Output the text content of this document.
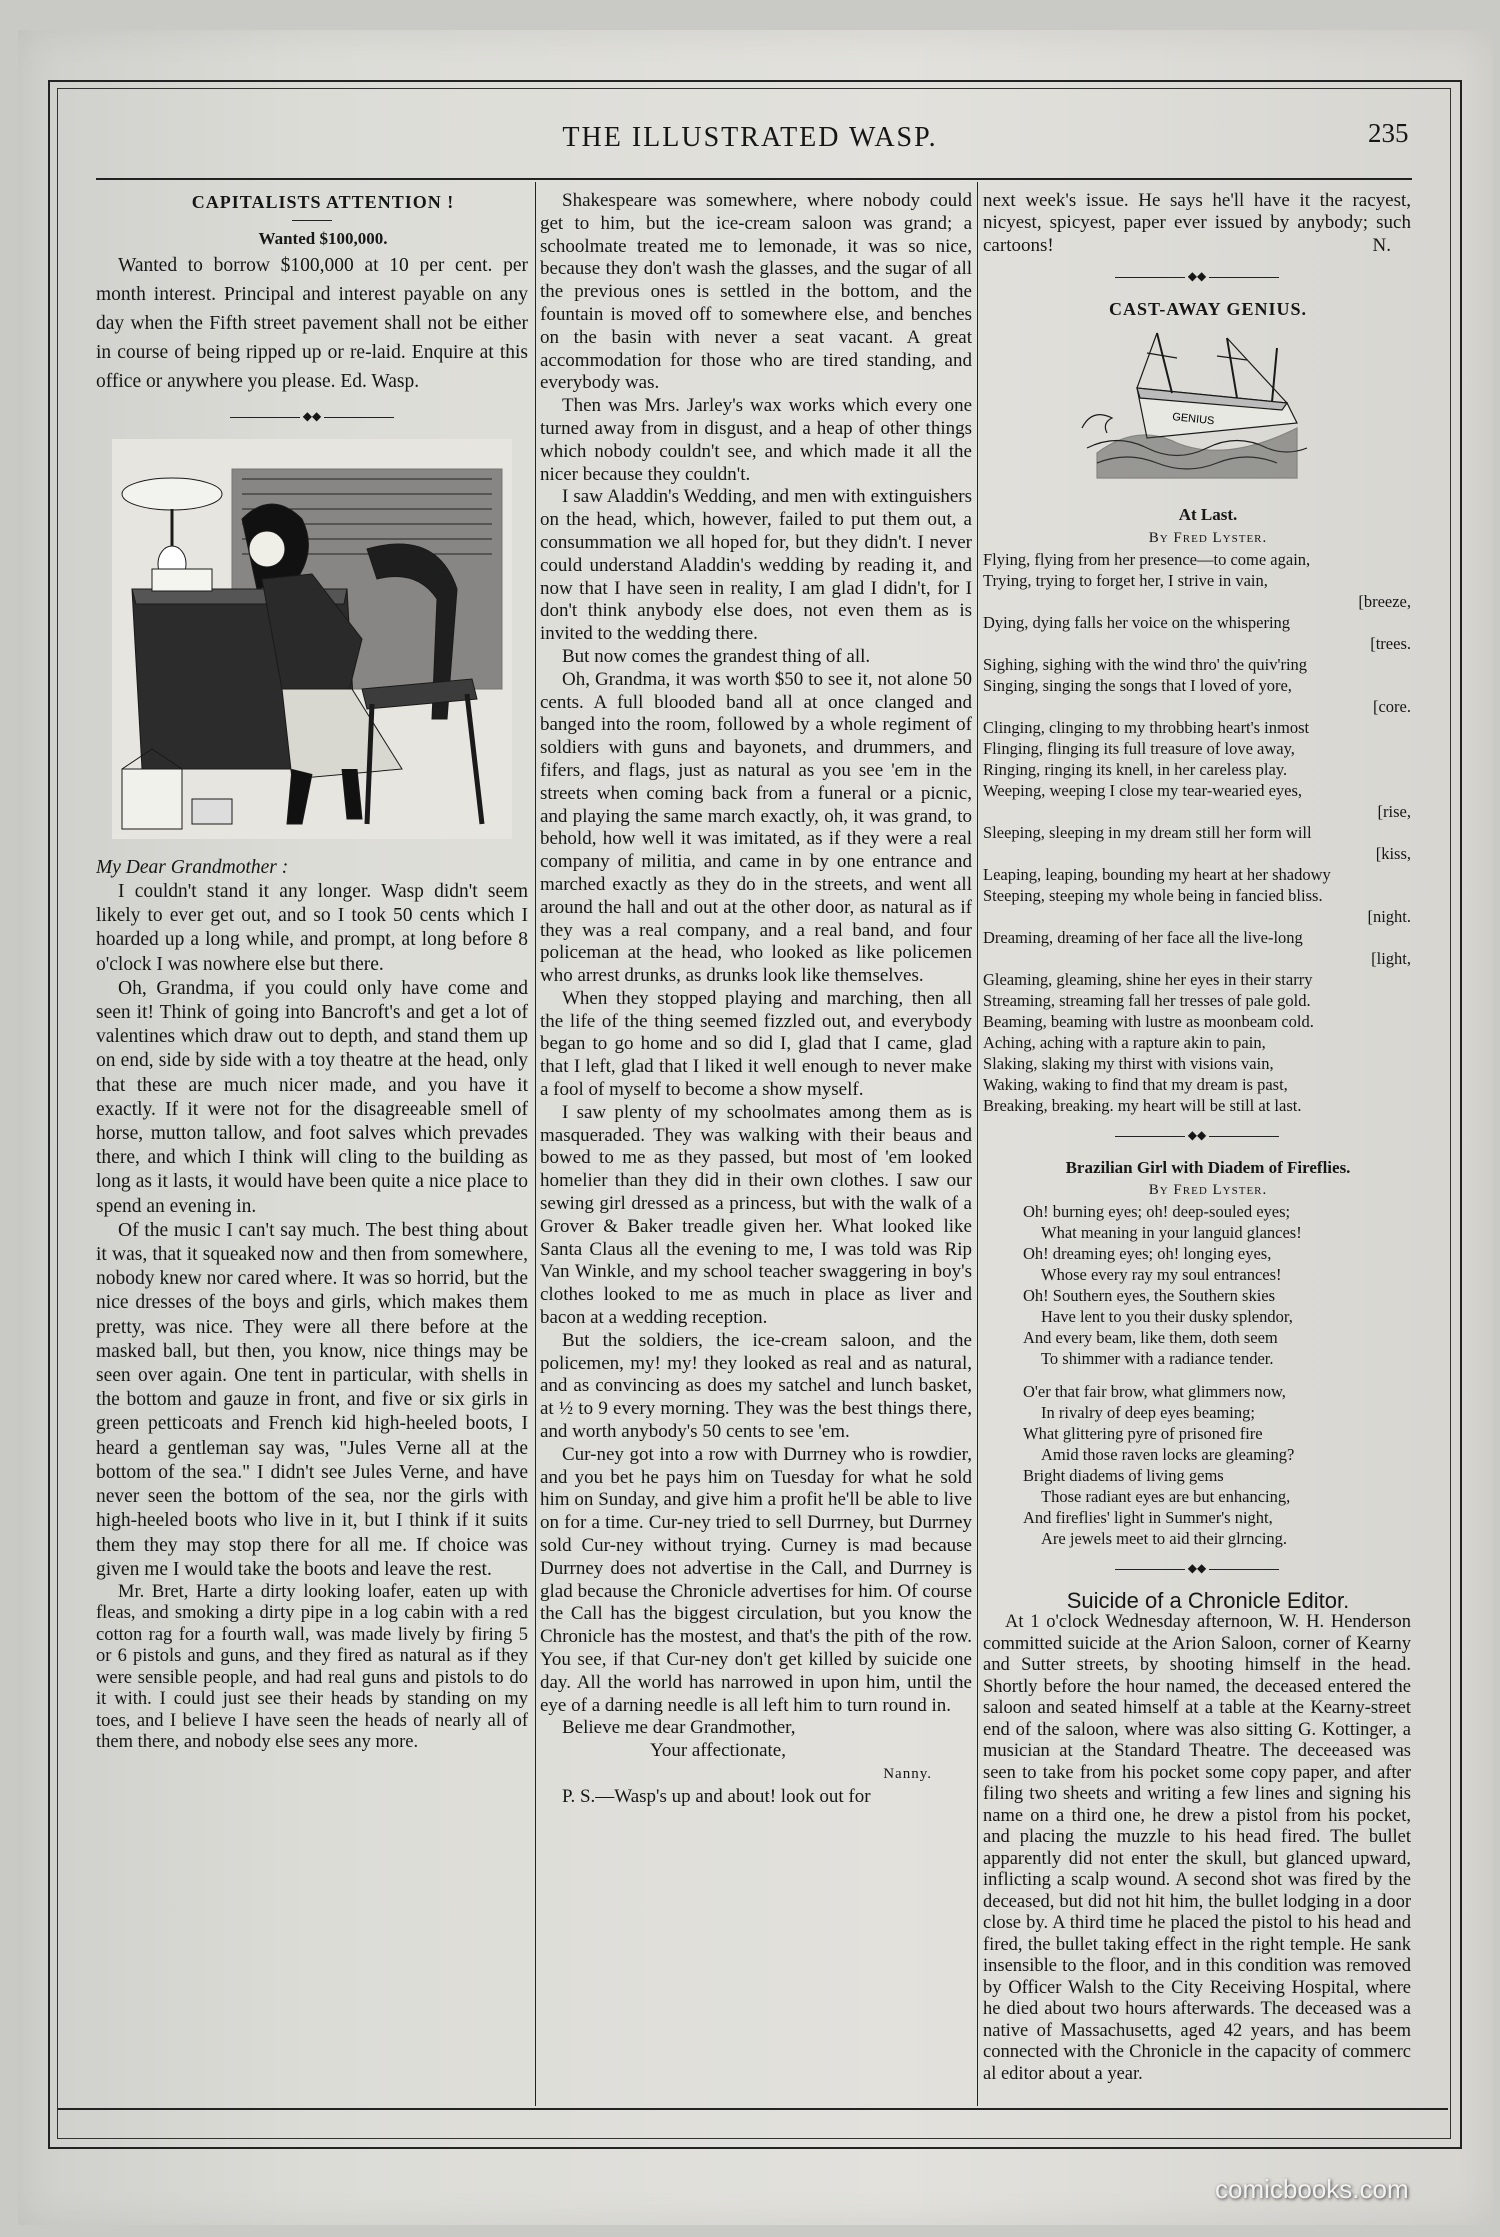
THE ILLUSTRATED WASP.	235

CAPITALISTS ATTENTION !

Wanted $100,000.

Wanted to borrow $100,000 at 10 per cent. per month interest. Principal and interest payable on any day when the Fifth street pavement shall not be either in course of being ripped up or re-laid. Enquire at this office or anywhere you please. Ed. Wasp.

◆◆

My Dear Grandmother :

I couldn't stand it any longer. Wasp didn't seem likely to ever get out, and so I took 50 cents which I hoarded up a long while, and prompt, at long before 8 o'clock I was nowhere else but there.

Oh, Grandma, if you could only have come and seen it! Think of going into Bancroft's and get a lot of valentines which draw out to depth, and stand them up on end, side by side with a toy theatre at the head, only that these are much nicer made, and you have it exactly. If it were not for the disagreeable smell of horse, mutton tallow, and foot salves which prevades there, and which I think will cling to the building as long as it lasts, it would have been quite a nice place to spend an evening in.

Of the music I can't say much. The best thing about it was, that it squeaked now and then from somewhere, nobody knew nor cared where. It was so horrid, but the nice dresses of the boys and girls, which makes them pretty, was nice. They were all there before at the masked ball, but then, you know, nice things may be seen over again. One tent in particular, with shells in the bottom and gauze in front, and five or six girls in green petticoats and French kid high-heeled boots, I heard a gentleman say was, "Jules Verne all at the bottom of the sea." I didn't see Jules Verne, and have never seen the bottom of the sea, nor the girls with high-heeled boots who live in it, but I think if it suits them they may stop there for all me. If choice was given me I would take the boots and leave the rest.

Mr. Bret, Harte a dirty looking loafer, eaten up with fleas, and smoking a dirty pipe in a log cabin with a red cotton rag for a fourth wall, was made lively by firing 5 or 6 pistols and guns, and they fired as natural as if they were sensible people, and had real guns and pistols to do it with. I could just see their heads by standing on my toes, and I believe I have seen the heads of nearly all of them there, and nobody else sees any more.

Shakespeare was somewhere, where nobody could get to him, but the ice-cream saloon was grand; a schoolmate treated me to lemonade, it was so nice, because they don't wash the glasses, and the sugar of all the previous ones is settled in the bottom, and the fountain is moved off to somewhere else, and benches on the basin with never a seat vacant. A great accommodation for those who are tired standing, and everybody was.

Then was Mrs. Jarley's wax works which every one turned away from in disgust, and a heap of other things which nobody couldn't see, and which made it all the nicer because they couldn't.

I saw Aladdin's Wedding, and men with extinguishers on the head, which, however, failed to put them out, a consummation we all hoped for, but they didn't. I never could understand Aladdin's wedding by reading it, and now that I have seen in reality, I am glad I didn't, for I don't think anybody else does, not even them as is invited to the wedding there.

But now comes the grandest thing of all.

Oh, Grandma, it was worth $50 to see it, not alone 50 cents. A full blooded band all at once clanged and banged into the room, followed by a whole regiment of soldiers with guns and bayonets, and drummers, and fifers, and flags, just as natural as you see 'em in the streets when coming back from a funeral or a picnic, and playing the same march exactly, oh, it was grand, to behold, how well it was imitated, as if they were a real company of militia, and came in by one entrance and marched exactly as they do in the streets, and went all around the hall and out at the other door, as natural as if they was a real company, and a real band, and four policeman at the head, who looked as like policemen who arrest drunks, as drunks look like themselves.

When they stopped playing and marching, then all the life of the thing seemed fizzled out, and everybody began to go home and so did I, glad that I came, glad that I left, glad that I liked it well enough to never make a fool of myself to become a show myself.

I saw plenty of my schoolmates among them as is masqueraded. They was walking with their beaus and bowed to me as they passed, but most of 'em looked homelier than they did in their own clothes. I saw our sewing girl dressed as a princess, but with the walk of a Grover & Baker treadle given her. What looked like Santa Claus all the evening to me, I was told was Rip Van Winkle, and my school teacher swaggering in boy's clothes looked to me as much in place as liver and bacon at a wedding reception.

But the soldiers, the ice-cream saloon, and the policemen, my! my! they looked as real and as natural, and as convincing as does my satchel and lunch basket, at ½ to 9 every morning. They was the best things there, and worth anybody's 50 cents to see 'em.

Cur-ney got into a row with Durrney who is rowdier, and you bet he pays him on Tuesday for what he sold him on Sunday, and give him a profit he'll be able to live on for a time. Cur-ney tried to sell Durrney, but Durrney sold Cur-ney without trying. Curney is mad because Durrney does not advertise in the Call, and Durrney is glad because the Chronicle advertises for him. Of course the Call has the biggest circulation, but you know the Chronicle has the mostest, and that's the pith of the row. You see, if that Cur-ney don't get killed by suicide one day. All the world has narrowed in upon him, until the eye of a darning needle is all left him to turn round in.

Believe me dear Grandmother,

Your affectionate,

Nanny.

P. S.—Wasp's up and about! look out for

next week's issue. He says he'll have it the racyest, nicyest, spicyest, paper ever issued by anybody; such cartoons!	N.

◆◆

CAST-AWAY GENIUS.

GENIUS

At Last.

By Fred Lyster.

Flying, flying from her presence—to come again,
Trying, trying to forget her, I strive in vain,
[breeze,
Dying, dying falls her voice on the whispering
[trees.
Sighing, sighing with the wind thro' the quiv'ring
Singing, singing the songs that I loved of yore,
[core.
Clinging, clinging to my throbbing heart's inmost
Flinging, flinging its full treasure of love away,
Ringing, ringing its knell, in her careless play.
Weeping, weeping I close my tear-wearied eyes,
[rise,
Sleeping, sleeping in my dream still her form will
[kiss,
Leaping, leaping, bounding my heart at her shadowy
Steeping, steeping my whole being in fancied bliss.
[night.
Dreaming, dreaming of her face all the live-long
[light,
Gleaming, gleaming, shine her eyes in their starry
Streaming, streaming fall her tresses of pale gold.
Beaming, beaming with lustre as moonbeam cold.
Aching, aching with a rapture akin to pain,
Slaking, slaking my thirst with visions vain,
Waking, waking to find that my dream is past,
Breaking, breaking. my heart will be still at last.
◆◆

Brazilian Girl with Diadem of Fireflies.

By Fred Lyster.

Oh! burning eyes; oh! deep-souled eyes;
What meaning in your languid glances!
Oh! dreaming eyes; oh! longing eyes,
Whose every ray my soul entrances!
Oh! Southern eyes, the Southern skies
Have lent to you their dusky splendor,
And every beam, like them, doth seem
To shimmer with a radiance tender.
O'er that fair brow, what glimmers now,
In rivalry of deep eyes beaming;
What glittering pyre of prisoned fire
Amid those raven locks are gleaming?
Bright diadems of living gems
Those radiant eyes are but enhancing,
And fireflies' light in Summer's night,
Are jewels meet to aid their glrncing.
◆◆

Suicide of a Chronicle Editor.

At 1 o'clock Wednesday afternoon, W. H. Henderson committed suicide at the Arion Saloon, corner of Kearny and Sutter streets, by shooting himself in the head. Shortly before the hour named, the deceased entered the saloon and seated himself at a table at the Kearny-street end of the saloon, where was also sitting G. Kottinger, a musician at the Standard Theatre. The deceeased was seen to take from his pocket some copy paper, and after filing two sheets and writing a few lines and signing his name on a third one, he drew a pistol from his pocket, and placing the muzzle to his head fired. The bullet apparently did not enter the skull, but glanced upward, inflicting a scalp wound. A second shot was fired by the deceased, but did not hit him, the bullet lodging in a door close by. A third time he placed the pistol to his head and fired, the bullet taking effect in the right temple. He sank insensible to the floor, and in this condition was removed by Officer Walsh to the City Receiving Hospital, where he died about two hours afterwards. The deceased was a native of Massachusetts, aged 42 years, and has beem connected with the Chronicle in the capacity of commerc al editor about a year.

comicbooks.com
